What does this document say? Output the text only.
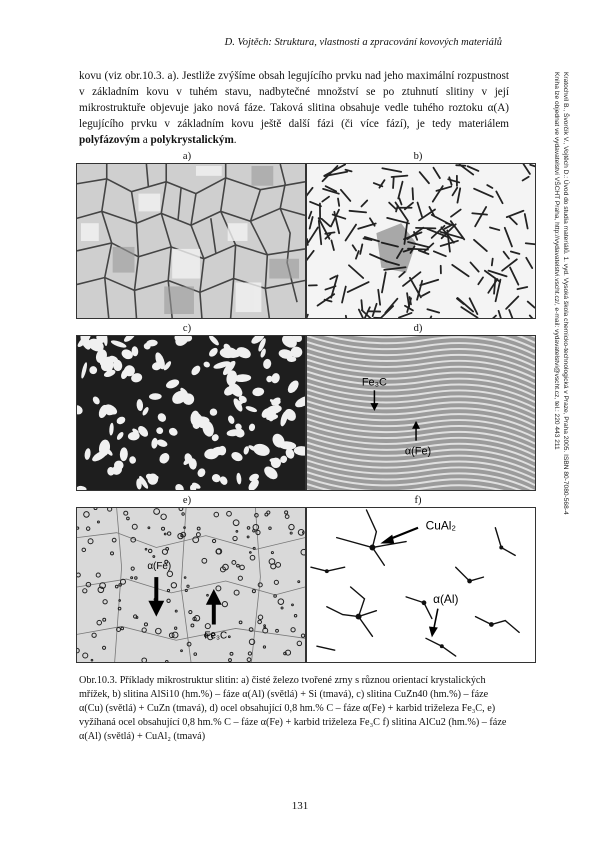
D. Vojtěch: Struktura, vlastnosti a zpracování kovových materiálů
kovu (viz obr.10.3. a). Jestliže zvýšíme obsah legujícího prvku nad jeho maximální rozpustnost v základním kovu v tuhém stavu, nadbytečné množství se po ztuhnutí slitiny v její mikrostruktuře objevuje jako nová fáze. Taková slitina obsahuje vedle tuhého roztoku α(A) legujícího prvku v základním kovu ještě další fázi (či více fází), je tedy materiálem polyfázovým a polykrystalickým.	Kratochvíl B., Švorčík V., Vojtěch D.: Úvod do studia materiálů. 1. vyd. Vysoká škola chemicko-technologická v Praze, Praha 2005. ISBN 80-7080-568-4
Kniha lze objednat ve vydavatelství VŠCHT Praha, http://vydavatelstvi.vscht.cz/, e-mail: vydavatelstvi@vscht.cz, tel.: 220 443 211
a)	b)
c)	d)
e)	f)
Fe₃C
α(Fe)
α(Fe)
Fe₃C
CuAl₂
α(Al)
Obr.10.3. Příklady mikrostruktur slitin: a) čisté železo tvořené zrny s různou orientací krystalických mřížek, b) slitina AlSi10 (hm.%) – fáze α(Al) (světlá) + Si (tmavá), c) slitina CuZn40 (hm.%) – fáze α(Cu) (světlá) + CuZn (tmavá), d) ocel obsahující 0,8 hm.% C – fáze α(Fe) + karbid triželeza Fe₃C, e) vyžíhaná ocel obsahující 0,8 hm.% C – fáze α(Fe) + karbid triželeza Fe₃C f) slitina AlCu2 (hm.%) – fáze α(Al) (světlá) + CuAl₂ (tmavá)
131
